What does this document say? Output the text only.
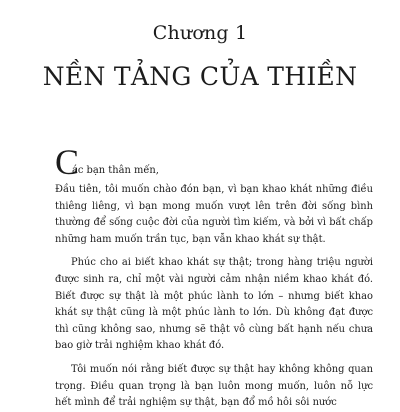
Chương 1
NỀN TẢNG CỦA THIỀN
C
ác bạn thân mến,

Đầu tiên, tôi muốn chào đón bạn, vì bạn khao khát những điều thiêng liêng, vì bạn mong muốn vượt lên trên đời sống bình thường để sống cuộc đời của người tìm kiếm, và bởi vì bất chấp những ham muốn trần tục, bạn vẫn khao khát sự thật.

Phúc cho ai biết khao khát sự thật; trong hàng triệu người được sinh ra, chỉ một vài người cảm nhận niềm khao khát đó. Biết được sự thật là một phúc lành to lớn – nhưng biết khao khát sự thật cũng là một phúc lành to lớn. Dù không đạt được thì cũng không sao, nhưng sẽ thật vô cùng bất hạnh nếu chưa bao giờ trải nghiệm khao khát đó.

Tôi muốn nói rằng biết được sự thật hay không không quan trọng. Điều quan trọng là bạn luôn mong muốn, luôn nỗ lực hết mình để trải nghiệm sự thật, bạn đổ mồ hôi sôi nước
